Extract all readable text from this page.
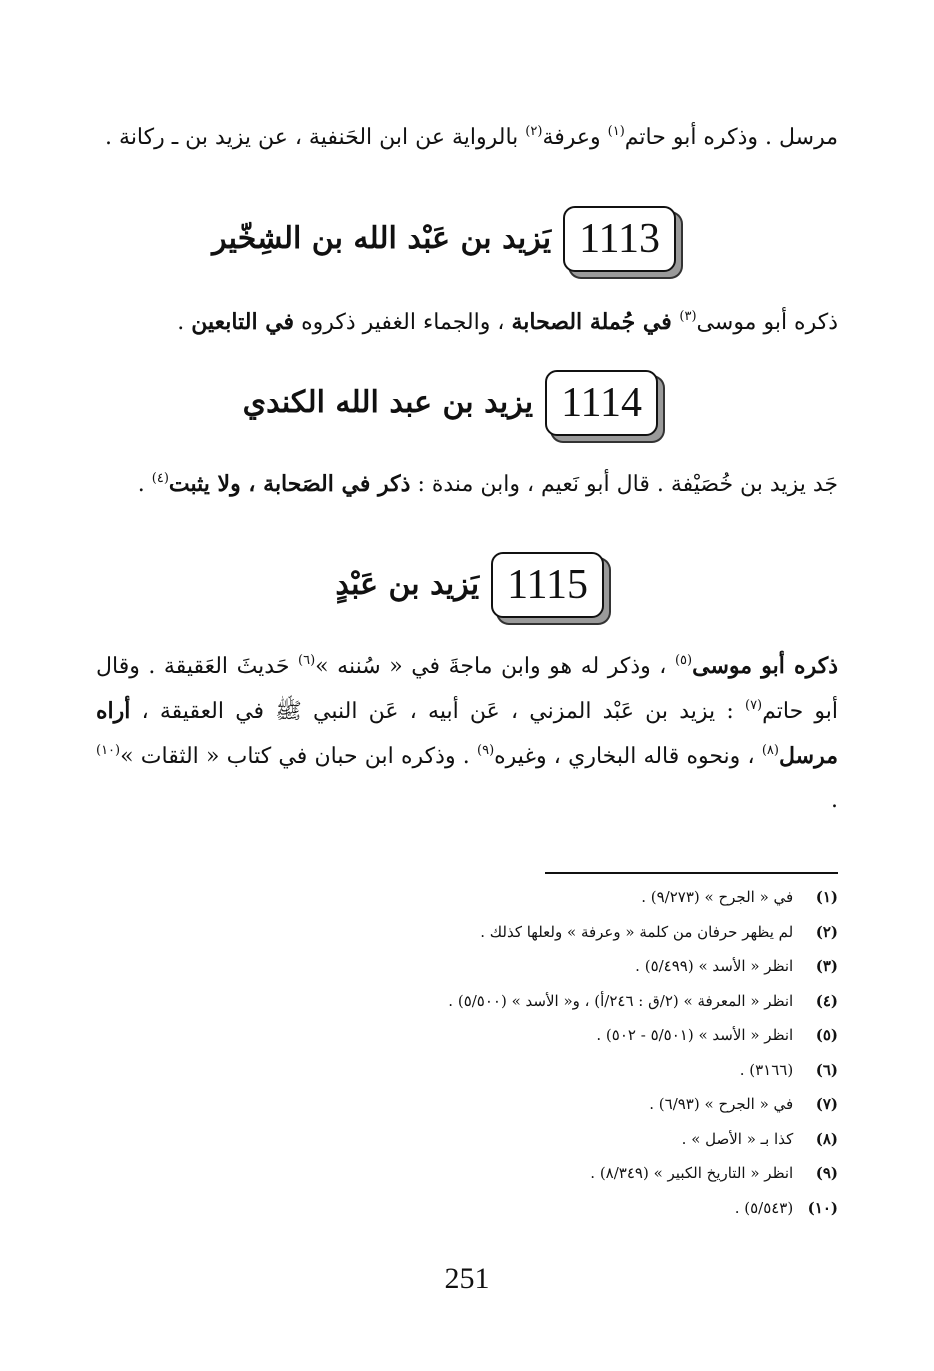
مرسل . وذكره أبو حاتم$^{(١)}$ وعرفة$^{(٢)}$ بالرواية عن ابن الحَنفية ، عن يزيد بن ـ ركانة .

1113
يَزيد بن عَبْد الله بن الشِخّير

ذكره أبو موسى$^{(٣)}$ في جُملة الصحابة ، والجماء الغفير ذكروه في التابعين .

1114
يزيد بن عبد الله الكندي

جَد يزيد بن خُصَيْفة . قال أبو نَعيم ، وابن مندة : ذكر في الصَحابة ، ولا يثبت$^{(٤)}$ .

1115
يَزيد بن عَبْدٍ

ذكره أبو موسى$^{(٥)}$ ، وذكر له هو وابن ماجةَ في « سُننه »$^{(٦)}$ حَديثَ العَقيقة . وقال أبو حاتم$^{(٧)}$ : يزيد بن عَبْد المزني ، عَن أبيه ، عَن النبي ﷺ في العقيقة ، أراه مرسل$^{(٨)}$ ، ونحوه قاله البخاري ، وغيره$^{(٩)}$ . وذكره ابن حبان في كتاب « الثقات »$^{(١٠)}$ .

(١) في « الجرح » (٩/٢٧٣) .
(٢) لم يظهر حرفان من كلمة « وعرفة » ولعلها كذلك .
(٣) انظر « الأسد » (٥/٤٩٩) .
(٤) انظر « المعرفة » (٢/ق : ٢٤٦/أ) ، و« الأسد » (٥/٥٠٠) .
(٥) انظر « الأسد » (٥/٥٠١ - ٥٠٢) .
(٦) (٣١٦٦) .
(٧) في « الجرح » (٦/٩٣) .
(٨) كذا بـ « الأصل » .
(٩) انظر « التاريخ الكبير » (٨/٣٤٩) .
(١٠) (٥/٥٤٣) .
251
